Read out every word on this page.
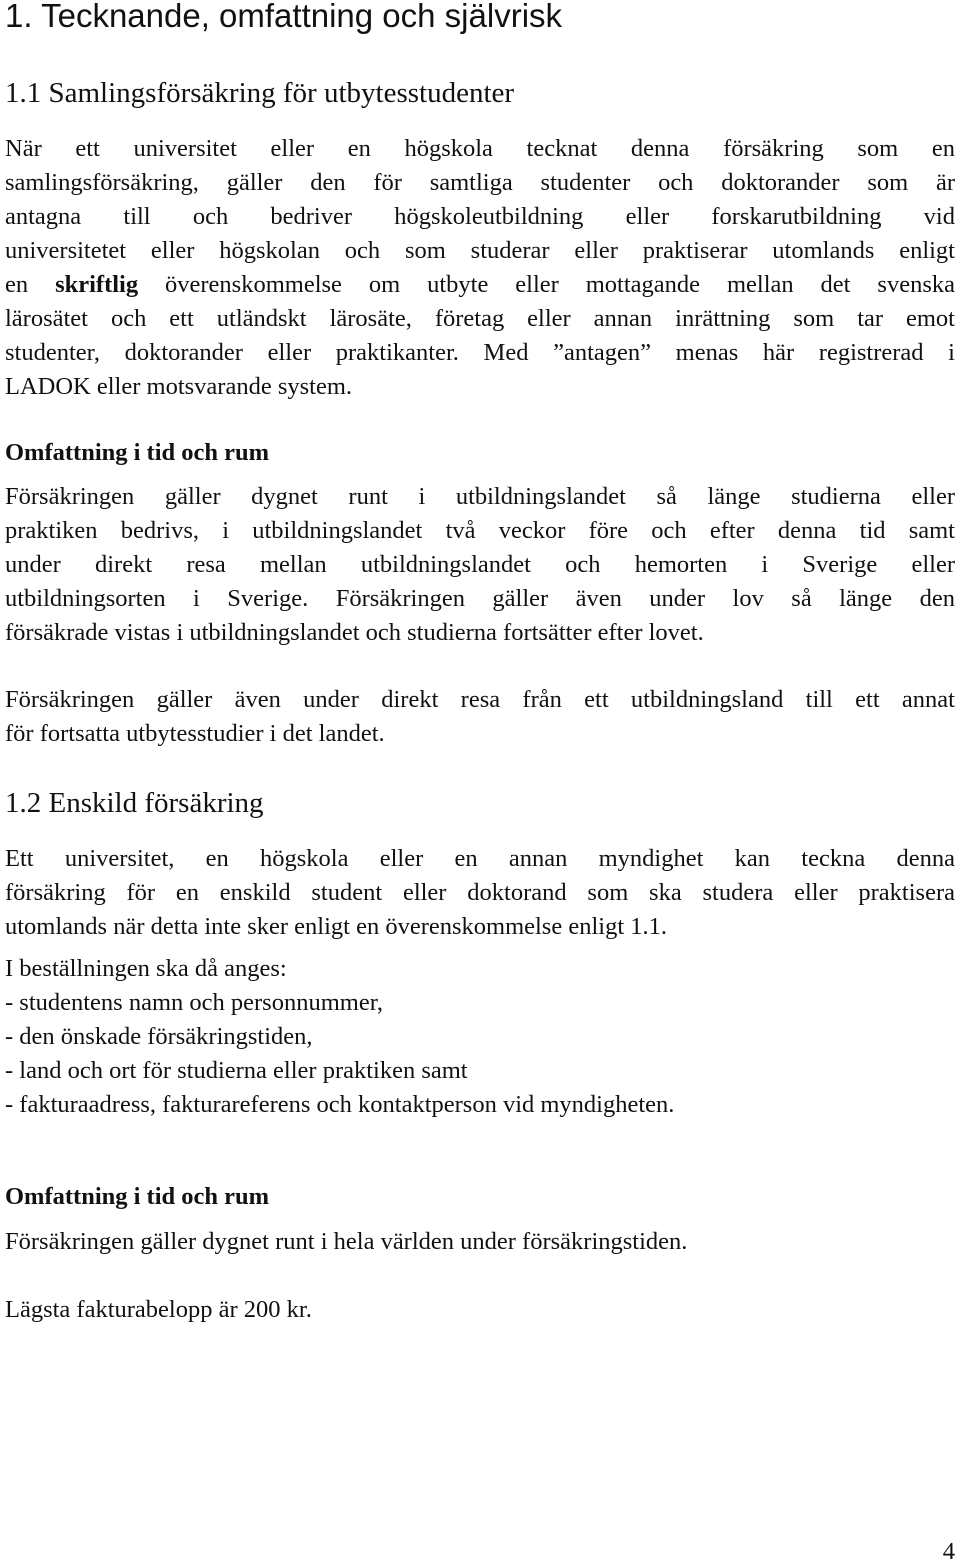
1. Tecknande, omfattning och självrisk
1.1 Samlingsförsäkring för utbytesstudenter
När ett universitet eller en högskola tecknat denna försäkring som en
samlingsförsäkring, gäller den för samtliga studenter och doktorander som är
antagna till och bedriver högskoleutbildning eller forskarutbildning vid
universitetet eller högskolan och som studerar eller praktiserar utomlands enligt
en skriftlig överenskommelse om utbyte eller mottagande mellan det svenska
lärosätet och ett utländskt lärosäte, företag eller annan inrättning som tar emot
studenter, doktorander eller praktikanter. Med ”antagen” menas här registrerad i
LADOK eller motsvarande system.
Omfattning i tid och rum
Försäkringen gäller dygnet runt i utbildningslandet så länge studierna eller
praktiken bedrivs, i utbildningslandet två veckor före och efter denna tid samt
under direkt resa mellan utbildningslandet och hemorten i Sverige eller
utbildningsorten i Sverige. Försäkringen gäller även under lov så länge den
försäkrade vistas i utbildningslandet och studierna fortsätter efter lovet.
Försäkringen gäller även under direkt resa från ett utbildningsland till ett annat
för fortsatta utbytesstudier i det landet.
1.2 Enskild försäkring
Ett universitet, en högskola eller en annan myndighet kan teckna denna
försäkring för en enskild student eller doktorand som ska studera eller praktisera
utomlands när detta inte sker enligt en överenskommelse enligt 1.1.
I beställningen ska då anges:
- studentens namn och personnummer,
- den önskade försäkringstiden,
- land och ort för studierna eller praktiken samt
- fakturaadress, fakturareferens och kontaktperson vid myndigheten.
Omfattning i tid och rum
Försäkringen gäller dygnet runt i hela världen under försäkringstiden.
Lägsta fakturabelopp är 200 kr.
4
